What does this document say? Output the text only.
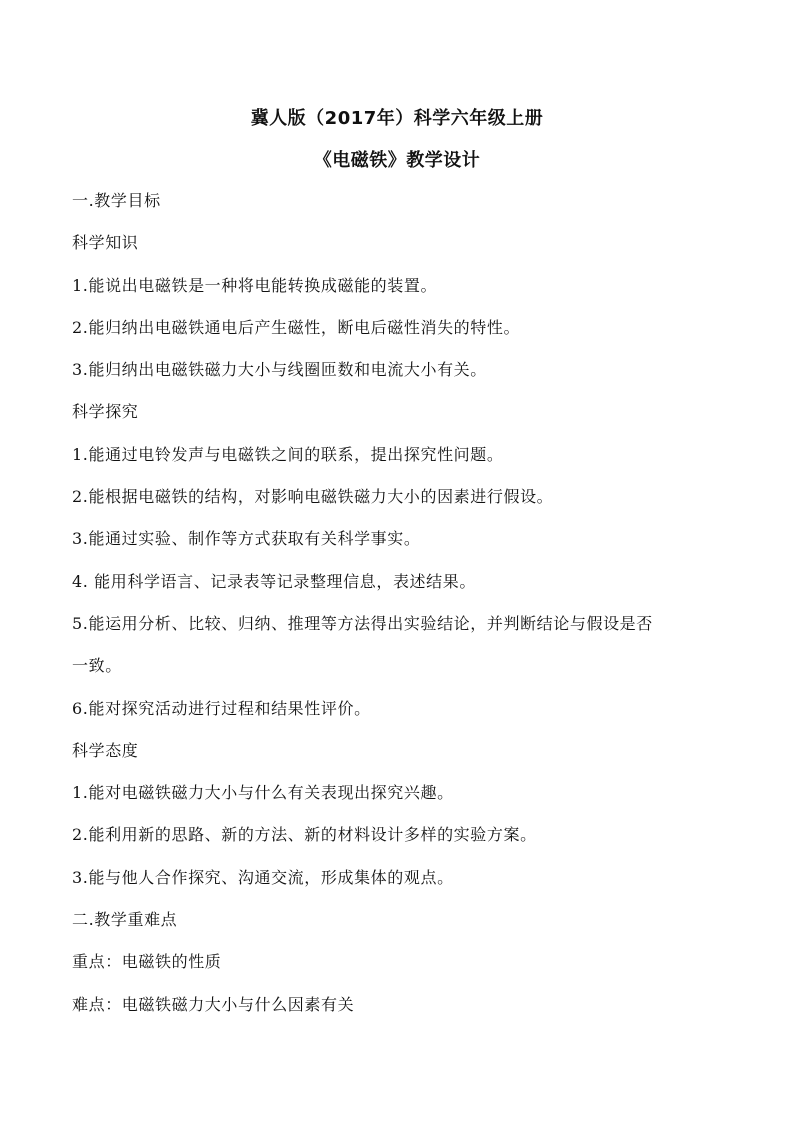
冀人版（2017年）科学六年级上册
《电磁铁》教学设计
一.教学目标
科学知识
1.能说出电磁铁是一种将电能转换成磁能的装置。
2.能归纳出电磁铁通电后产生磁性，断电后磁性消失的特性。
3.能归纳出电磁铁磁力大小与线圈匝数和电流大小有关。
科学探究
1.能通过电铃发声与电磁铁之间的联系，提出探究性问题。
2.能根据电磁铁的结构，对影响电磁铁磁力大小的因素进行假设。
3.能通过实验、制作等方式获取有关科学事实。
4. 能用科学语言、记录表等记录整理信息，表述结果。
5.能运用分析、比较、归纳、推理等方法得出实验结论，并判断结论与假设是否
一致。
6.能对探究活动进行过程和结果性评价。
科学态度
1.能对电磁铁磁力大小与什么有关表现出探究兴趣。
2.能利用新的思路、新的方法、新的材料设计多样的实验方案。
3.能与他人合作探究、沟通交流，形成集体的观点。
二.教学重难点
重点：电磁铁的性质
难点：电磁铁磁力大小与什么因素有关
